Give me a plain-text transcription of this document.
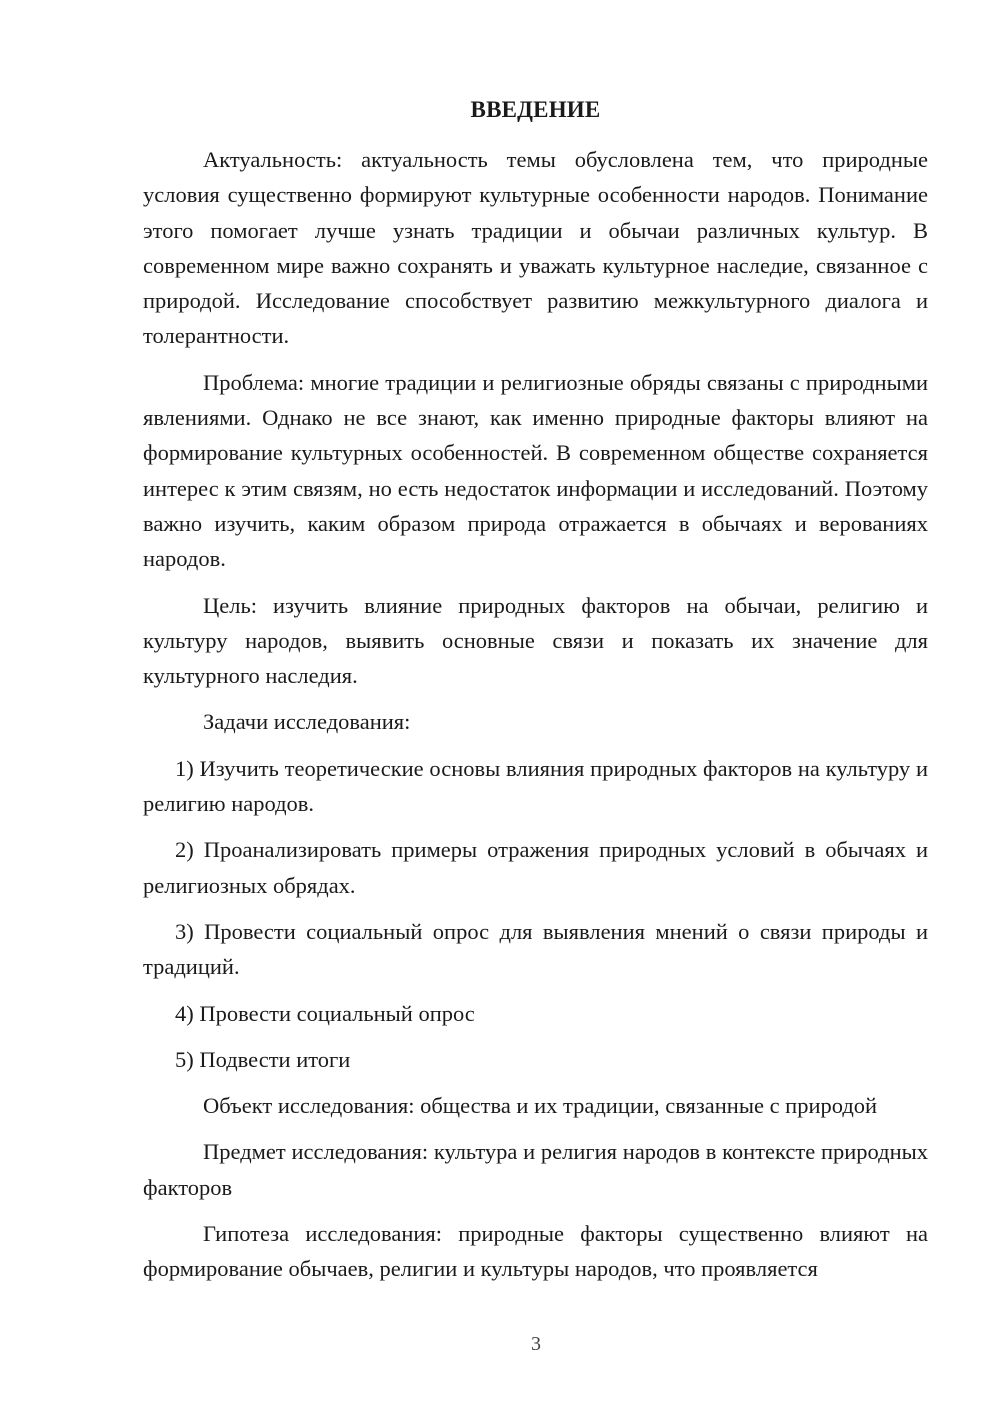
ВВЕДЕНИЕ

Актуальность: актуальность темы обусловлена тем, что природные условия существенно формируют культурные особенности народов. Понимание этого помогает лучше узнать традиции и обычаи различных культур. В современном мире важно сохранять и уважать культурное наследие, связанное с природой. Исследование способствует развитию межкультурного диалога и толерантности.

Проблема: многие традиции и религиозные обряды связаны с природными явлениями. Однако не все знают, как именно природные факторы влияют на формирование культурных особенностей. В современном обществе сохраняется интерес к этим связям, но есть недостаток информации и исследований. Поэтому важно изучить, каким образом природа отражается в обычаях и верованиях народов.

Цель: изучить влияние природных факторов на обычаи, религию и культуру народов, выявить основные связи и показать их значение для культурного наследия.

Задачи исследования:

1) Изучить теоретические основы влияния природных факторов на культуру и религию народов.

2) Проанализировать примеры отражения природных условий в обычаях и религиозных обрядах.

3) Провести социальный опрос для выявления мнений о связи природы и традиций.

4) Провести социальный опрос

5) Подвести итоги

Объект исследования: общества и их традиции, связанные с природой

Предмет исследования: культура и религия народов в контексте природных факторов

Гипотеза исследования: природные факторы существенно влияют на формирование обычаев, религии и культуры народов, что проявляется

3
